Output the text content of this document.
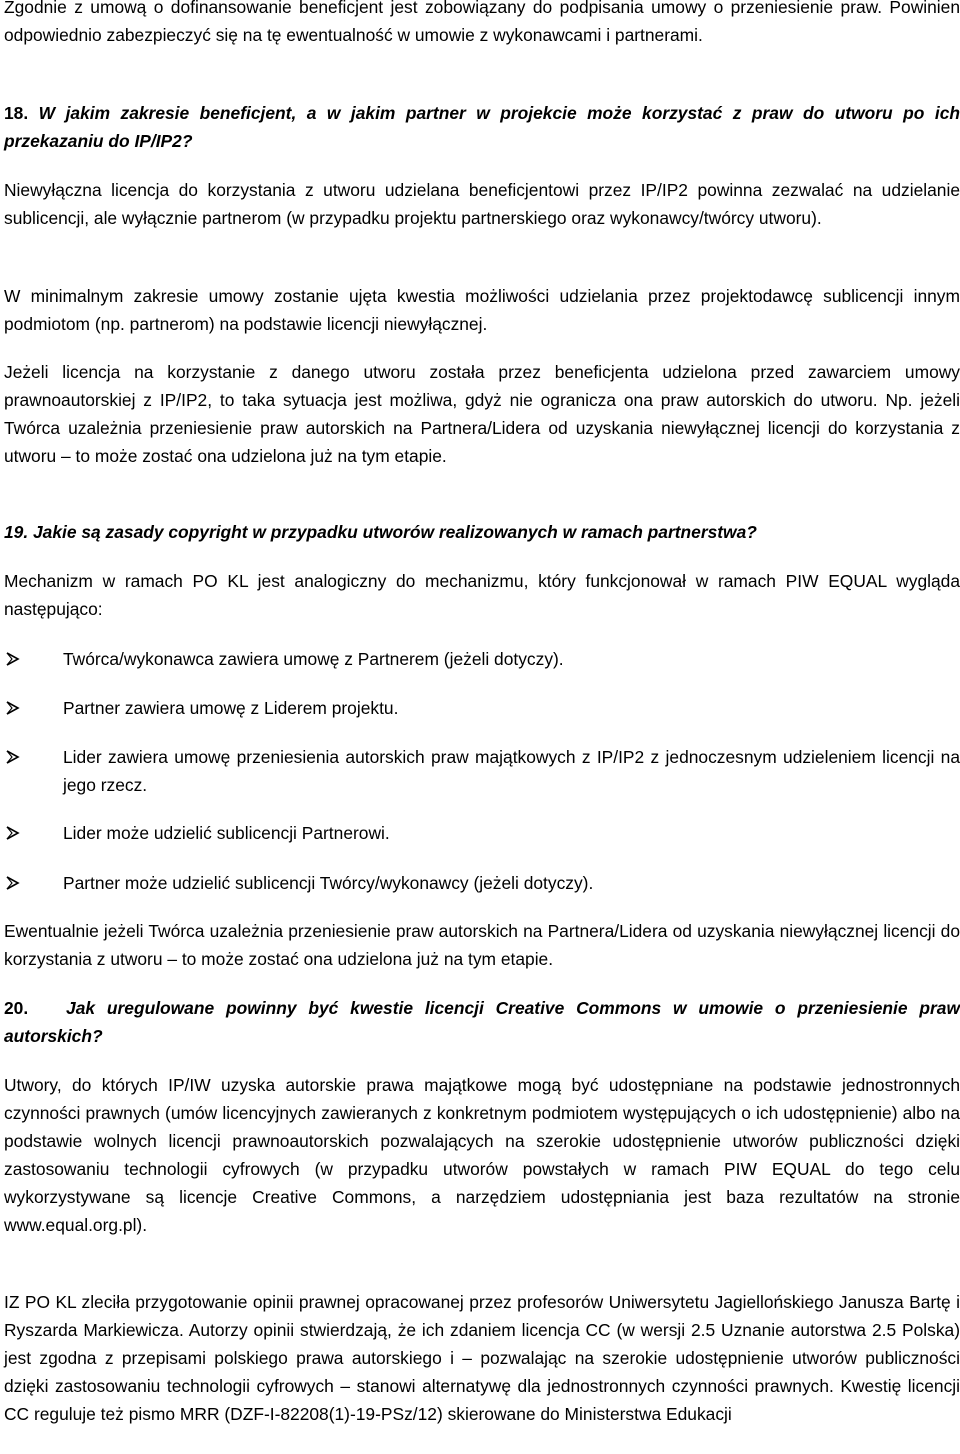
Zgodnie z umową o dofinansowanie beneficjent jest zobowiązany do podpisania umowy o przeniesienie praw. Powinien odpowiednio zabezpieczyć się na tę ewentualność w umowie z wykonawcami i partnerami.
18. W jakim zakresie beneficjent, a w jakim partner w projekcie może korzystać z praw do utworu po ich przekazaniu do IP/IP2?
Niewyłączna licencja do korzystania z utworu udzielana beneficjentowi przez IP/IP2 powinna zezwalać na udzielanie sublicencji, ale wyłącznie partnerom (w przypadku projektu partnerskiego oraz wykonawcy/twórcy utworu).
W minimalnym zakresie umowy zostanie ujęta kwestia możliwości udzielania przez projektodawcę sublicencji innym podmiotom (np. partnerom) na podstawie licencji niewyłącznej.
Jeżeli licencja na korzystanie z danego utworu została przez beneficjenta udzielona przed zawarciem umowy prawnoautorskiej z IP/IP2, to taka sytuacja jest możliwa, gdyż nie ogranicza ona praw autorskich do utworu. Np. jeżeli Twórca uzależnia przeniesienie praw autorskich na Partnera/Lidera od uzyskania niewyłącznej licencji do korzystania z utworu – to może zostać ona udzielona już na tym etapie.
19. Jakie są zasady copyright w przypadku utworów realizowanych w ramach partnerstwa?
Mechanizm w ramach PO KL jest analogiczny do mechanizmu, który funkcjonował w ramach PIW EQUAL wygląda następująco:
Twórca/wykonawca zawiera umowę z Partnerem (jeżeli dotyczy).
Partner zawiera umowę z Liderem projektu.
Lider zawiera umowę przeniesienia autorskich praw majątkowych z IP/IP2 z jednoczesnym udzieleniem licencji na jego rzecz.
Lider może udzielić sublicencji Partnerowi.
Partner może udzielić sublicencji Twórcy/wykonawcy (jeżeli dotyczy).
Ewentualnie jeżeli Twórca uzależnia przeniesienie praw autorskich na Partnera/Lidera od uzyskania niewyłącznej licencji do korzystania z utworu – to może zostać ona udzielona już na tym etapie.
20. Jak uregulowane powinny być kwestie licencji Creative Commons w umowie o przeniesienie praw autorskich?
Utwory, do których IP/IW uzyska autorskie prawa majątkowe mogą być udostępniane na podstawie jednostronnych czynności prawnych (umów licencyjnych zawieranych z konkretnym podmiotem występujących o ich udostępnienie) albo na podstawie wolnych licencji prawnoautorskich pozwalających na szerokie udostępnienie utworów publiczności dzięki zastosowaniu technologii cyfrowych (w przypadku utworów powstałych w ramach PIW EQUAL do tego celu wykorzystywane są licencje Creative Commons, a narzędziem udostępniania jest baza rezultatów na stronie www.equal.org.pl).
IZ PO KL zleciła przygotowanie opinii prawnej opracowanej przez profesorów Uniwersytetu Jagiellońskiego Janusza Bartę i Ryszarda Markiewicza. Autorzy opinii stwierdzają, że ich zdaniem licencja CC (w wersji 2.5 Uznanie autorstwa 2.5 Polska) jest zgodna z przepisami polskiego prawa autorskiego i – pozwalając na szerokie udostępnienie utworów publiczności dzięki zastosowaniu technologii cyfrowych – stanowi alternatywę dla jednostronnych czynności prawnych. Kwestię licencji CC reguluje też pismo MRR (DZF-I-82208(1)-19-PSz/12) skierowane do Ministerstwa Edukacji
